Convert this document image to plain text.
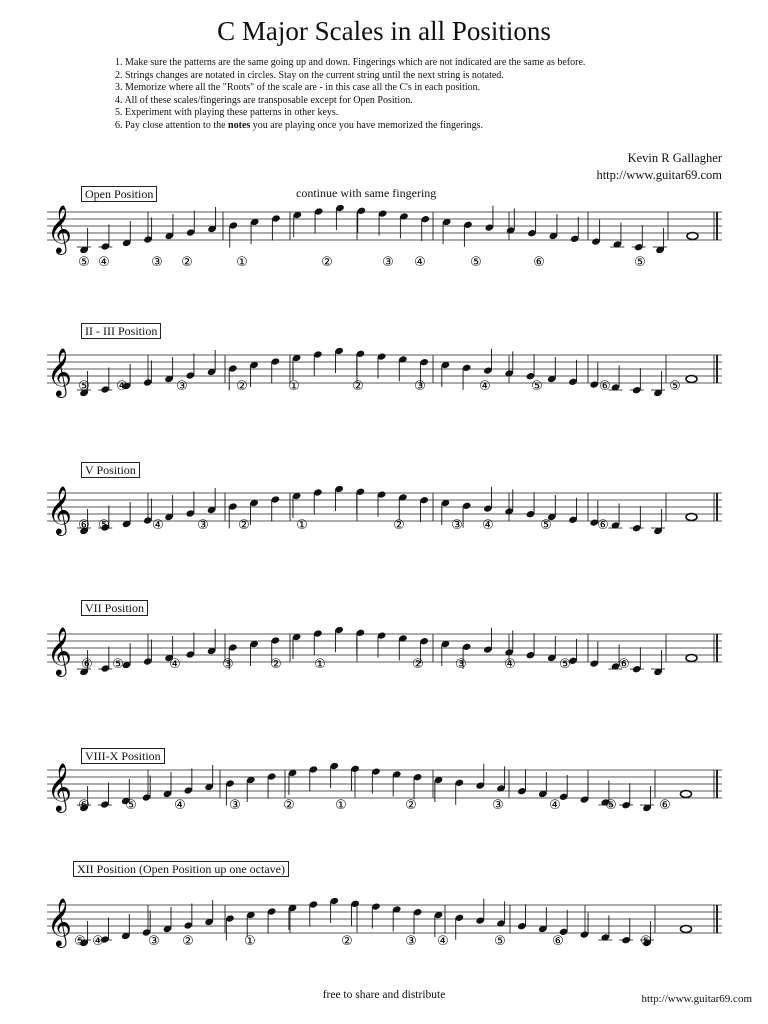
C Major Scales in all Positions
1. Make sure the patterns are the same going up and down. Fingerings which are not indicated are the same as before.
2. Strings changes are notated in circles. Stay on the current string until the next string is notated.
3. Memorize where all the "Roots" of the scale are - in this case all the C's in each position.
4. All of these scales/fingerings are transposable except for Open Position.
5. Experiment with playing these patterns in other keys.
6. Pay close attention to the notes you are playing once you have memorized the fingerings.
Kevin R Gallagher
http://www.guitar69.com
Open Position	continue with same fingering
𝄞
⑤ ④	③ ②	①	②	③ ④	⑤	⑥	⑤
II - III Position
𝄞 ⑤ ④	③	②	①	②	③	④	⑤	⑥	⑤
V Position
𝄞 ⑥ ⑤	④	③ ②	①	②	③ ④	⑤	⑥
VII Position
𝄞 ⑥ ⑤	④	③	② ①	② ③	④	⑤	⑥
VIII-X Position
𝄞 ⑥	⑤	④	③	②	①	②	③	④	⑤	⑥
XII Position (Open Position up one octave)
𝄞 ⑤ ④	③ ②	①	②	③ ④	⑤	⑥	⑤
free to share and distribute	http://www.guitar69.com
